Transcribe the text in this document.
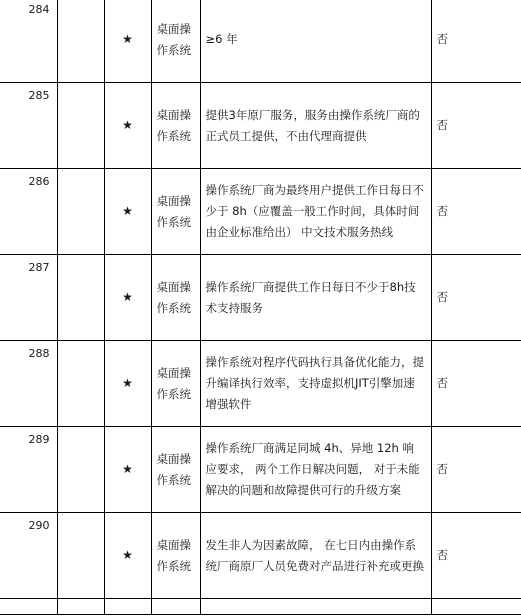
284		★	桌面操作系统	≥6 年	否
285		★	桌面操作系统	提供3年原厂服务，服务由操作系统厂商的正式员工提供，不由代理商提供	否
286		★	桌面操作系统	操作系统厂商为最终用户提供工作日每日不少于 8h（应覆盖一般工作时间，具体时间由企业标准给出） 中文技术服务热线	否
287		★	桌面操作系统	操作系统厂商提供工作日每日不少于8h技术支持服务	否
288		★	桌面操作系统	操作系统对程序代码执行具备优化能力，提升编译执行效率，支持虚拟机JIT引擎加速增强软件	否
289		★	桌面操作系统	操作系统厂商满足同城 4h、异地 12h 响应要求， 两个工作日解决问题， 对于未能解决的问题和故障提供可行的升级方案	否
290		★	桌面操作系统	发生非人为因素故障， 在七日内由操作系统厂商原厂人员免费对产品进行补充或更换	否
